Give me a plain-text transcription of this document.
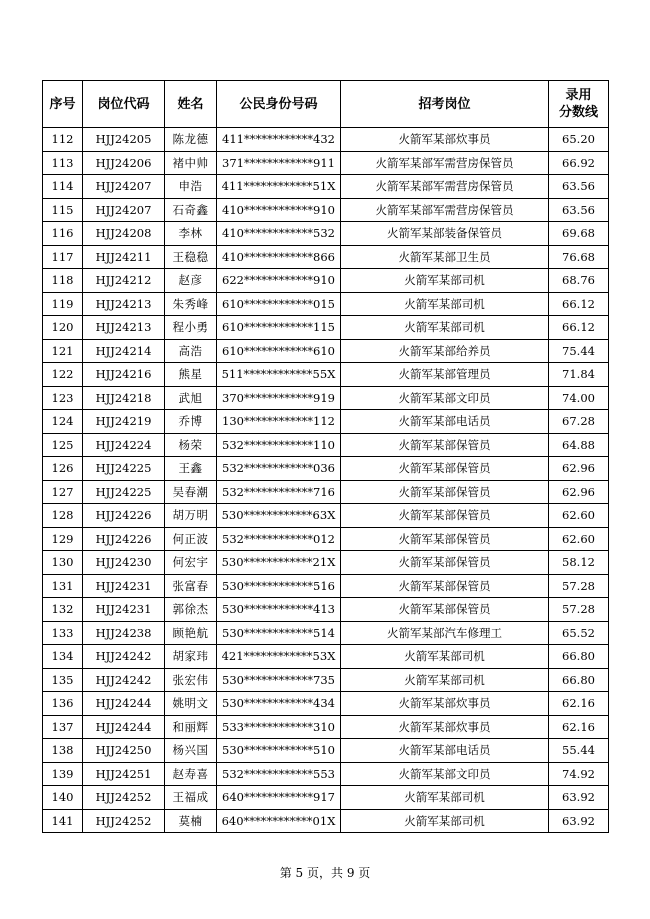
序号	岗位代码	姓名	公民身份号码	招考岗位	录用
分数线
112	HJJ24205	陈龙德	411************432	火箭军某部炊事员	65.20
113	HJJ24206	褚中帅	371************911	火箭军某部军需营房保管员	66.92
114	HJJ24207	申浩	411************51X	火箭军某部军需营房保管员	63.56
115	HJJ24207	石奇鑫	410************910	火箭军某部军需营房保管员	63.56
116	HJJ24208	李林	410************532	火箭军某部装备保管员	69.68
117	HJJ24211	王稳稳	410************866	火箭军某部卫生员	76.68
118	HJJ24212	赵彦	622************910	火箭军某部司机	68.76
119	HJJ24213	朱秀峰	610************015	火箭军某部司机	66.12
120	HJJ24213	程小勇	610************115	火箭军某部司机	66.12
121	HJJ24214	高浩	610************610	火箭军某部给养员	75.44
122	HJJ24216	熊星	511************55X	火箭军某部管理员	71.84
123	HJJ24218	武旭	370************919	火箭军某部文印员	74.00
124	HJJ24219	乔博	130************112	火箭军某部电话员	67.28
125	HJJ24224	杨荣	532************110	火箭军某部保管员	64.88
126	HJJ24225	王鑫	532************036	火箭军某部保管员	62.96
127	HJJ24225	吴春潮	532************716	火箭军某部保管员	62.96
128	HJJ24226	胡万明	530************63X	火箭军某部保管员	62.60
129	HJJ24226	何正波	532************012	火箭军某部保管员	62.60
130	HJJ24230	何宏宇	530************21X	火箭军某部保管员	58.12
131	HJJ24231	张富春	530************516	火箭军某部保管员	57.28
132	HJJ24231	郭徐杰	530************413	火箭军某部保管员	57.28
133	HJJ24238	顾艳航	530************514	火箭军某部汽车修理工	65.52
134	HJJ24242	胡家玮	421************53X	火箭军某部司机	66.80
135	HJJ24242	张宏伟	530************735	火箭军某部司机	66.80
136	HJJ24244	姚明文	530************434	火箭军某部炊事员	62.16
137	HJJ24244	和丽辉	533************310	火箭军某部炊事员	62.16
138	HJJ24250	杨兴国	530************510	火箭军某部电话员	55.44
139	HJJ24251	赵寿喜	532************553	火箭军某部文印员	74.92
140	HJJ24252	王福成	640************917	火箭军某部司机	63.92
141	HJJ24252	莫楠	640************01X	火箭军某部司机	63.92
第 5 页，共 9 页
